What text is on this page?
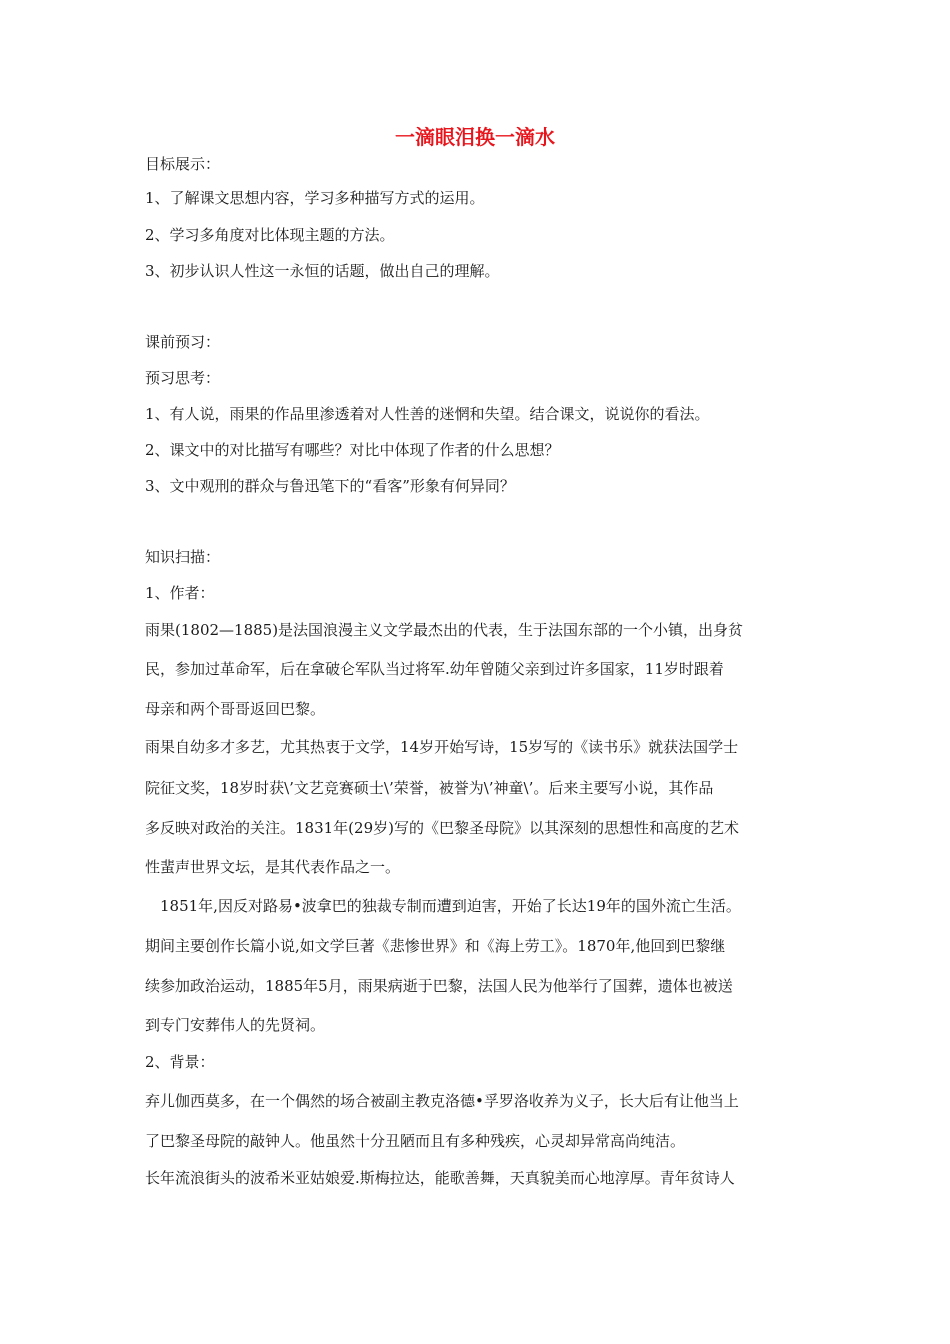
一滴眼泪换一滴水
目标展示：
1、了解课文思想内容，学习多种描写方式的运用。
2、学习多角度对比体现主题的方法。
3、初步认识人性这一永恒的话题，做出自己的理解。
课前预习：
预习思考：
1、有人说，雨果的作品里渗透着对人性善的迷惘和失望。结合课文，说说你的看法。
2、课文中的对比描写有哪些？对比中体现了作者的什么思想？
3、文中观刑的群众与鲁迅笔下的“看客”形象有何异同？
知识扫描：
1、作者：
雨果(1802—1885)是法国浪漫主义文学最杰出的代表，生于法国东部的一个小镇，出身贫
民，参加过革命军，后在拿破仑军队当过将军.幼年曾随父亲到过许多国家，11岁时跟着
母亲和两个哥哥返回巴黎。
雨果自幼多才多艺，尤其热衷于文学，14岁开始写诗，15岁写的《读书乐》就获法国学士
院征文奖，18岁时获\’文艺竞赛硕士\’荣誉，被誉为\’神童\’。后来主要写小说，其作品
多反映对政治的关注。1831年(29岁)写的《巴黎圣母院》以其深刻的思想性和高度的艺术
性蜚声世界文坛，是其代表作品之一。
1851年,因反对路易•波拿巴的独裁专制而遭到迫害，开始了长达19年的国外流亡生活。
期间主要创作长篇小说,如文学巨著《悲惨世界》和《海上劳工》。1870年,他回到巴黎继
续参加政治运动，1885年5月，雨果病逝于巴黎，法国人民为他举行了国葬，遗体也被送
到专门安葬伟人的先贤祠。
2、背景：
弃儿伽西莫多，在一个偶然的场合被副主教克洛德•孚罗洛收养为义子，长大后有让他当上
了巴黎圣母院的敲钟人。他虽然十分丑陋而且有多种残疾，心灵却异常高尚纯洁。
长年流浪街头的波希米亚姑娘爱.斯梅拉达，能歌善舞，天真貌美而心地淳厚。青年贫诗人
